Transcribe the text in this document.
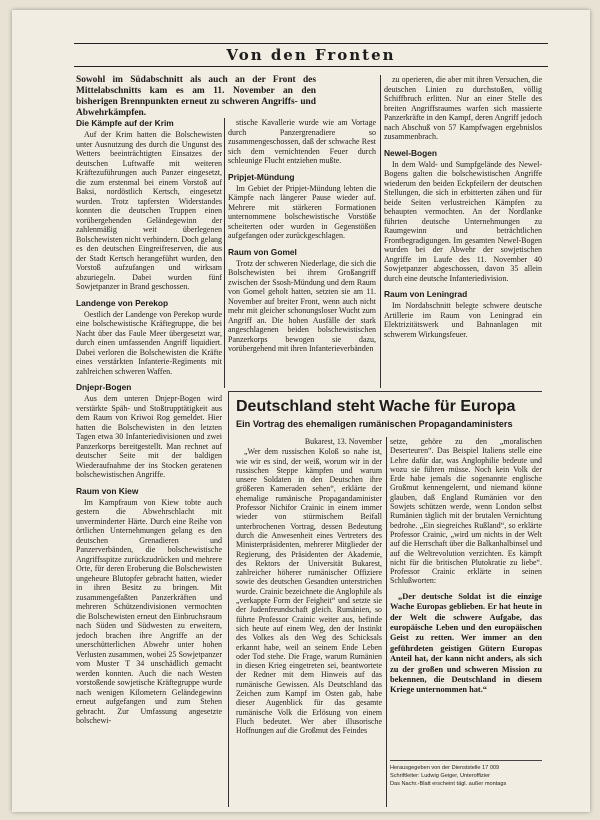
Von den Fronten
Sowohl im Südabschnitt als auch an der Front des Mittelabschnitts kam es am 11. November an den bisherigen Brennpunkten erneut zu schweren Angriffs- und Abwehrkämpfen.
Die Kämpfe auf der Krim

Auf der Krim hatten die Bolschewisten unter Ausnutzung des durch die Ungunst des Wetters beeinträchtigten Einsatzes der deutschen Luftwaffe mit weiteren Kräftezuführungen auch Panzer eingesetzt, die zum erstenmal bei einem Vorstoß auf Baksi, nordöstlich Kertsch, eingesetzt wurden. Trotz tapfersten Widerstandes konnten die deutschen Truppen einen vorübergehenden Geländegewinn der zahlenmäßig weit überlegenen Bolschewisten nicht verhindern. Doch gelang es den deutschen Eingreifreserven, die aus der Stadt Kertsch herangeführt wurden, den Vorstoß aufzufangen und wirksam abzuriegeln. Dabei wurden fünf Sowjetpanzer in Brand geschossen.

Landenge von Perekop

Oestlich der Landenge von Perekop wurde eine bolschewistische Kräftegruppe, die bei Nacht über das Faule Meer übergesetzt war, durch einen umfassenden Angriff liquidiert. Dabei verloren die Bolschewisten die Kräfte eines verstärkten Infanterie-Regiments mit zahlreichen schweren Waffen.

Dnjepr-Bogen

Aus dem unteren Dnjepr-Bogen wird verstärkte Späh- und Stoßtrupptätigkeit aus dem Raum von Kriwoi Rog gemeldet. Hier hatten die Bolschewisten in den letzten Tagen etwa 30 Infanteriedivisionen und zwei Panzerkorps bereitgestellt. Man rechnet auf deutscher Seite mit der baldigen Wiederaufnahme der ins Stocken geratenen bolschewistischen Angriffe.

Raum von Kiew

Im Kampfraum von Kiew tobte auch gestern die Abwehrschlacht mit unverminderter Härte. Durch eine Reihe von örtlichen Unternehmungen gelang es den deutschen Grenadieren und Panzerverbänden, die bolschewistische Angriffsspitze zurückzudrücken und mehrere Orte, für deren Eroberung die Bolschewisten ungeheure Blutopfer gebracht hatten, wieder in ihren Besitz zu bringen. Mit zusammengefaßten Panzerkräften und mehreren Schützendivisionen vermochten die Bolschewisten erneut den Einbruchsraum nach Süden und Südwesten zu erweitern, jedoch brachen ihre Angriffe an der unerschütterlichen Abwehr unter hohen Verlusten zusammen, wobei 25 Sowjetpanzer vom Muster T 34 unschädlich gemacht werden konnten. Auch die nach Westen vorstoßende sowjetische Kräftegruppe wurde nach wenigen Kilometern Geländegewinn erneut aufgefangen und zum Stehen gebracht. Zur Umfassung angesetzte bolschewi-

stische Kavallerie wurde wie am Vortage durch Panzergrenadiere so zusammengeschossen, daß der schwache Rest sich dem vernichtenden Feuer durch schleunige Flucht entziehen mußte.

Pripjet-Mündung

Im Gebiet der Pripjet-Mündung lebten die Kämpfe nach längerer Pause wieder auf. Mehrere mit stärkeren Formationen unternommene bolschewistische Vorstöße scheiterten oder wurden in Gegenstößen aufgefangen oder zurückgeschlagen.

Raum von Gomel

Trotz der schweren Niederlage, die sich die Bolschewisten bei ihrem Großangriff zwischen der Ssosh-Mündung und dem Raum von Gomel geholt hatten, setzten sie am 11. November auf breiter Front, wenn auch nicht mehr mit gleicher schonungsloser Wucht zum Angriff an. Die hohen Ausfälle der stark angeschlagenen beiden bolschewistischen Panzerkorps bewogen sie dazu, vorübergehend mit ihren Infanterieverbänden

zu operieren, die aber mit ihren Versuchen, die deutschen Linien zu durchstoßen, völlig Schiffbruch erlitten. Nur an einer Stelle des breiten Angriffsraumes warfen sich massierte Panzerkräfte in den Kampf, deren Angriff jedoch nach Abschuß von 57 Kampfwagen ergebnislos zusammenbrach.

Newel-Bogen

In dem Wald- und Sumpfgelände des Newel-Bogens galten die bolschewistischen Angriffe wiederum den beiden Eckpfeilern der deutschen Stellungen, die sich in erbitterten zähen und für beide Seiten verlustreichen Kämpfen zu behaupten vermochten. An der Nordlanke führten deutsche Unternehmungen zu Raumgewinn und beträchtlichen Frontbegradigungen. Im gesamten Newel-Bogen wurden bei der Abwehr der sowjetischen Angriffe im Laufe des 11. November 40 Sowjetpanzer abgeschossen, davon 35 allein durch eine deutsche Infanteriedivision.

Raum von Leningrad

Im Nordabschnitt belegte schwere deutsche Artillerie im Raum von Leningrad ein Elektrizitätswerk und Bahnanlagen mit schwerem Wirkungsfeuer.

Deutschland steht Wache für Europa
Ein Vortrag des ehemaligen rumänischen Propagandaministers

Bukarest, 13. November

„Wer dem russischen Koloß so nahe ist, wie wir es sind, der weiß, worum wir in der russischen Steppe kämpfen und warum unsere Soldaten in den Deutschen ihre größeren Kameraden sehen“, erklärte der ehemalige rumänische Propagandaminister Professor Nichifor Crainic in einem immer wieder von stürmischem Beifall unterbrochenen Vortrag, dessen Bedeutung durch die Anwesenheit eines Vertreters des Ministerpräsidenten, mehrerer Mitglieder der Regierung, des Präsidenten der Akademie, des Rektors der Universität Bukarest, zahlreicher höherer rumänischer Offiziere sowie des deutschen Gesandten unterstrichen wurde. Crainic bezeichnete die Anglophile als „verkappte Form der Feigheit“ und setzte sie der Judenfreundschaft gleich. Rumänien, so führte Professor Crainic weiter aus, befinde sich heute auf einem Weg, den der Instinkt des Volkes als den Weg des Schicksals erkannt habe, weil an seinem Ende Leben oder Tod stehe. Die Frage, warum Rumänien in diesen Krieg eingetreten sei, beantwortete der Redner mit dem Hinweis auf das rumänische Gewissen. Als Deutschland das Zeichen zum Kampf im Osten gab, habe dieser Augenblick für das gesamte rumänische Volk die Erlösung von einem Fluch bedeutet. Wer aber illusorische Hoffnungen auf die Großmut des Feindes

setze, gehöre zu den „moralischen Deserteuren“. Das Beispiel Italiens stelle eine Lehre dafür dar, was Anglophilie bedeute und wozu sie führen müsse. Noch kein Volk der Erde habe jemals die sogenannte englische Großmut kennengelernt, und niemand könne glauben, daß England Rumänien vor den Sowjets schützen werde, wenn London selbst Rumänien täglich mit der brutalen Vernichtung bedrohe. „Ein siegreiches Rußland“, so erklärte Professor Crainic, „wird um nichts in der Welt auf die Herrschaft über die Balkanhalbinsel und auf die Weltrevolution verzichten. Es kämpft nicht für die britischen Plutokratie zu liebe“. Professor Crainic erklärte in seinen Schlußworten:

„Der deutsche Soldat ist die einzige Wache Europas geblieben. Er hat heute in der Welt die schwere Aufgabe, das europäische Leben und den europäischen Geist zu retten. Wer immer an den geführdeten geistigen Gütern Europas Anteil hat, der kann nicht anders, als sich zu der großen und schweren Mission zu bekennen, die Deutschland in diesem Kriege unternommen hat.“

Herausgegeben von der Dienststelle 17 009
Schriftleiter: Ludwig Geiger, Unteroffizier
Das Nachr.-Blatt erscheint tägl. außer montags
